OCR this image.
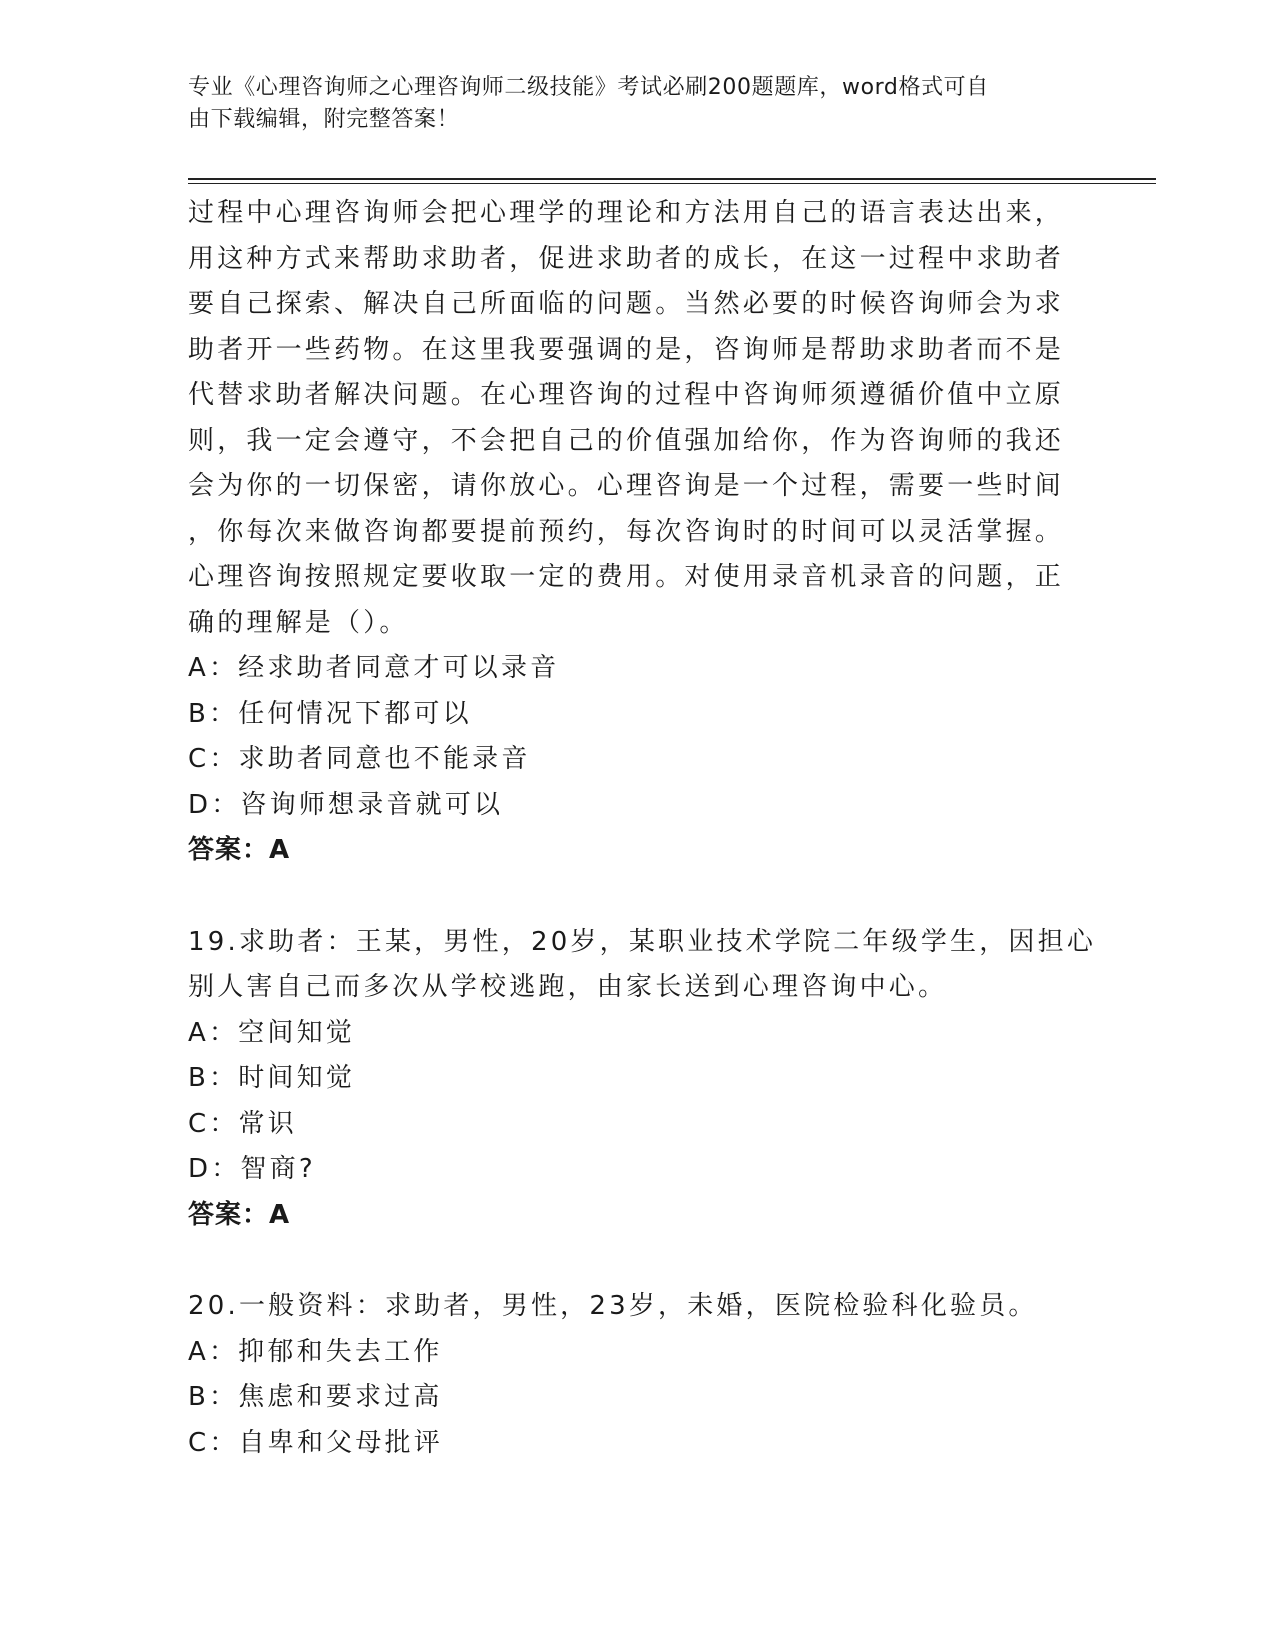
专业《心理咨询师之心理咨询师二级技能》考试必刷200题题库，word格式可自
由下载编辑，附完整答案！
过程中心理咨询师会把心理学的理论和方法用自己的语言表达出来，
用这种方式来帮助求助者，促进求助者的成长，在这一过程中求助者
要自己探索、解决自己所面临的问题。当然必要的时候咨询师会为求
助者开一些药物。在这里我要强调的是，咨询师是帮助求助者而不是
代替求助者解决问题。在心理咨询的过程中咨询师须遵循价值中立原
则，我一定会遵守，不会把自己的价值强加给你，作为咨询师的我还
会为你的一切保密，请你放心。心理咨询是一个过程，需要一些时间
，你每次来做咨询都要提前预约，每次咨询时的时间可以灵活掌握。
心理咨询按照规定要收取一定的费用。对使用录音机录音的问题，正
确的理解是（）。
A：经求助者同意才可以录音
B：任何情况下都可以
C：求助者同意也不能录音
D：咨询师想录音就可以
答案：A
19.求助者：王某，男性，20岁，某职业技术学院二年级学生，因担心
别人害自己而多次从学校逃跑，由家长送到心理咨询中心。
A：空间知觉
B：时间知觉
C：常识
D：智商?
答案：A
20.一般资料：求助者，男性，23岁，未婚，医院检验科化验员。
A：抑郁和失去工作
B：焦虑和要求过高
C：自卑和父母批评
